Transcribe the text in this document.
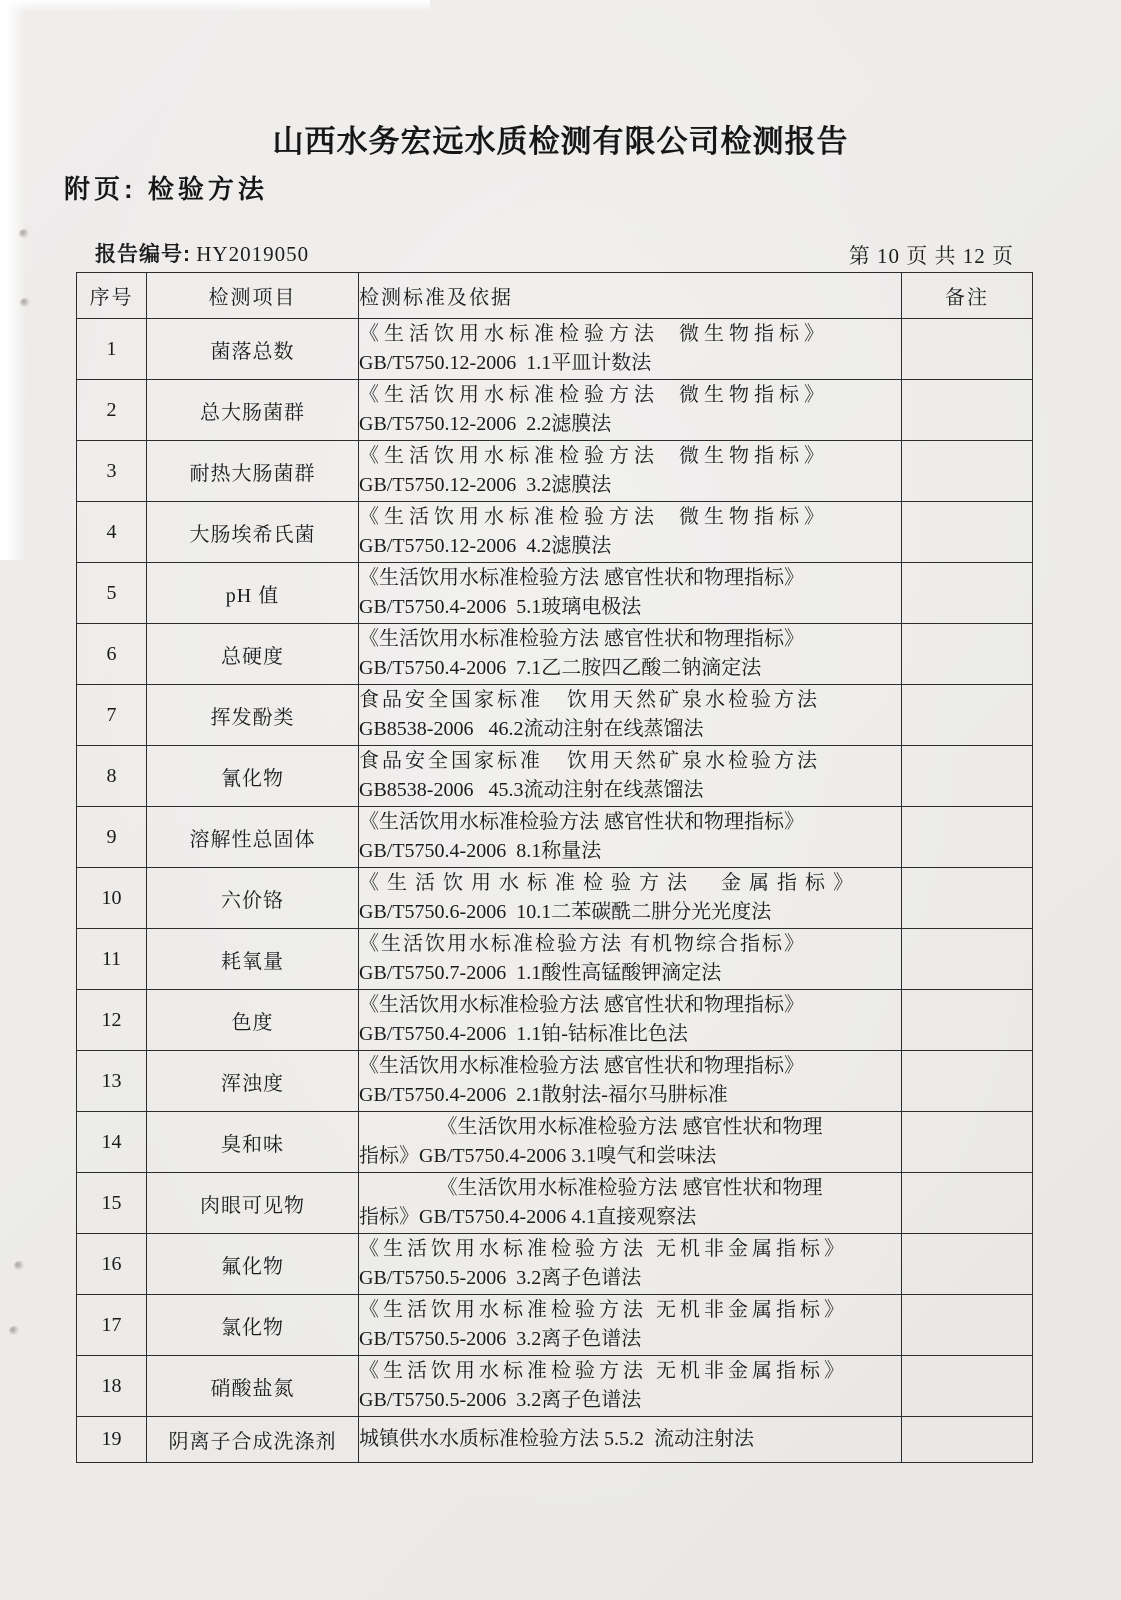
山西水务宏远水质检测有限公司检测报告
附页: 检验方法
报告编号: HY2019050	第 10 页 共 12 页
序号	检测项目	检测标准及依据	备注
1	菌落总数	《生活饮用水标准检验方法  微生物指标》
GB/T5750.12-2006  1.1平皿计数法	

2	总大肠菌群	《生活饮用水标准检验方法  微生物指标》
GB/T5750.12-2006  2.2滤膜法	

3	耐热大肠菌群	《生活饮用水标准检验方法  微生物指标》
GB/T5750.12-2006  3.2滤膜法	

4	大肠埃希氏菌	《生活饮用水标准检验方法  微生物指标》
GB/T5750.12-2006  4.2滤膜法	

5	pH 值	《生活饮用水标准检验方法 感官性状和物理指标》
GB/T5750.4-2006  5.1玻璃电极法	

6	总硬度	《生活饮用水标准检验方法 感官性状和物理指标》
GB/T5750.4-2006  7.1乙二胺四乙酸二钠滴定法	

7	挥发酚类	食品安全国家标准   饮用天然矿泉水检验方法
GB8538-2006   46.2流动注射在线蒸馏法	

8	氰化物	食品安全国家标准   饮用天然矿泉水检验方法
GB8538-2006   45.3流动注射在线蒸馏法	

9	溶解性总固体	《生活饮用水标准检验方法 感官性状和物理指标》
GB/T5750.4-2006  8.1称量法	

10	六价铬	《生活饮用水标准检验方法  金属指标》
GB/T5750.6-2006  10.1二苯碳酰二肼分光光度法	

11	耗氧量	《生活饮用水标准检验方法 有机物综合指标》
GB/T5750.7-2006  1.1酸性高锰酸钾滴定法	

12	色度	《生活饮用水标准检验方法 感官性状和物理指标》
GB/T5750.4-2006  1.1铂-钴标准比色法	

13	浑浊度	《生活饮用水标准检验方法 感官性状和物理指标》
GB/T5750.4-2006  2.1散射法-福尔马肼标准	

14	臭和味	《生活饮用水标准检验方法 感官性状和物理
指标》GB/T5750.4-2006 3.1嗅气和尝味法	

15	肉眼可见物	《生活饮用水标准检验方法 感官性状和物理
指标》GB/T5750.4-2006 4.1直接观察法	

16	氟化物	《生活饮用水标准检验方法 无机非金属指标》
GB/T5750.5-2006  3.2离子色谱法	

17	氯化物	《生活饮用水标准检验方法 无机非金属指标》
GB/T5750.5-2006  3.2离子色谱法	

18	硝酸盐氮	《生活饮用水标准检验方法 无机非金属指标》
GB/T5750.5-2006  3.2离子色谱法	

19	阴离子合成洗涤剂	城镇供水水质标准检验方法 5.5.2  流动注射法	
